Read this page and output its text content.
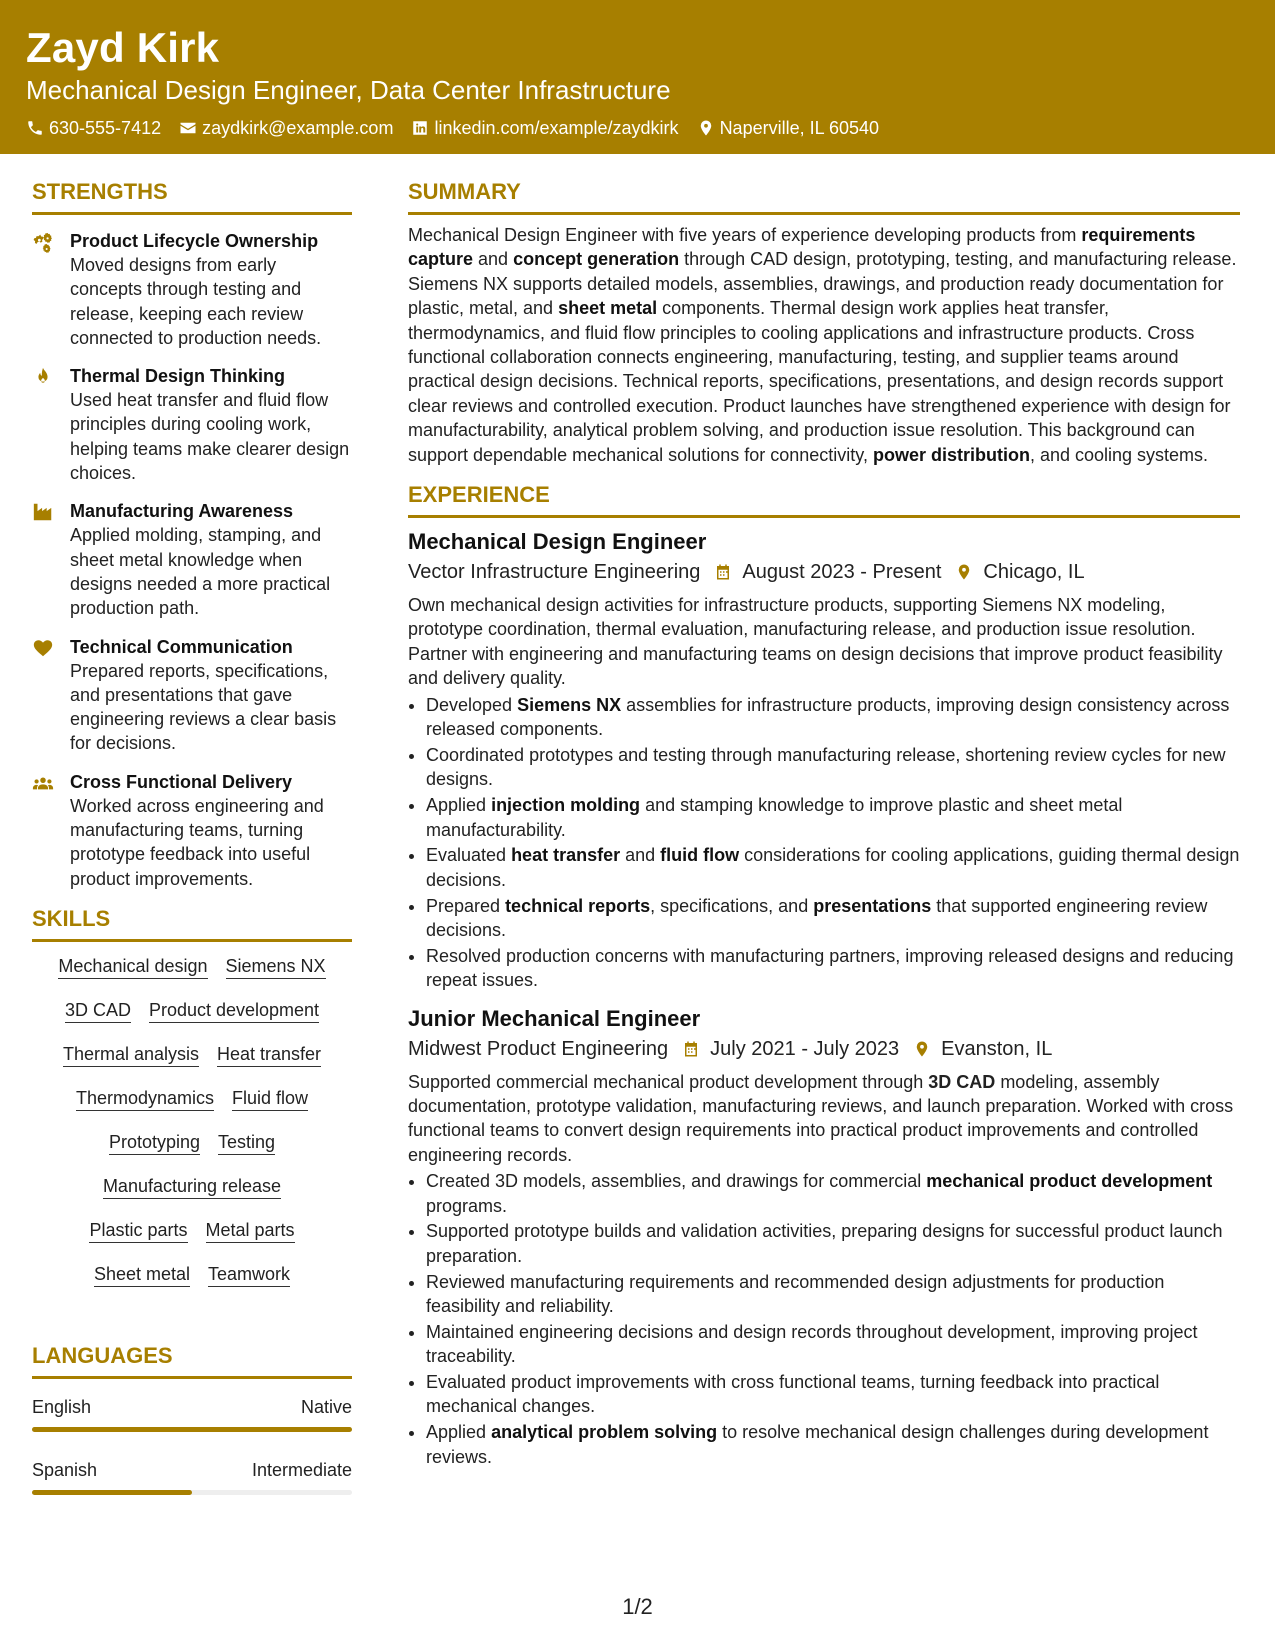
Zayd Kirk
Mechanical Design Engineer, Data Center Infrastructure
630-555-7412 zaydkirk@example.com linkedin.com/example/zaydkirk Naperville, IL 60540
STRENGTHS
Product Lifecycle Ownership
Moved designs from early concepts through testing and release, keeping each review connected to production needs.
Thermal Design Thinking
Used heat transfer and fluid flow principles during cooling work, helping teams make clearer design choices.
Manufacturing Awareness
Applied molding, stamping, and sheet metal knowledge when designs needed a more practical production path.
Technical Communication
Prepared reports, specifications, and presentations that gave engineering reviews a clear basis for decisions.
Cross Functional Delivery
Worked across engineering and manufacturing teams, turning prototype feedback into useful product improvements.
SKILLS
Mechanical design Siemens NX
3D CAD Product development
Thermal analysis Heat transfer
Thermodynamics Fluid flow
Prototyping Testing
Manufacturing release
Plastic parts Metal parts
Sheet metal Teamwork
LANGUAGES
English	Native
Spanish	Intermediate
SUMMARY

Mechanical Design Engineer with five years of experience developing products from requirements capture and concept generation through CAD design, prototyping, testing, and manufacturing release. Siemens NX supports detailed models, assemblies, drawings, and production ready documentation for plastic, metal, and sheet metal components. Thermal design work applies heat transfer, thermodynamics, and fluid flow principles to cooling applications and infrastructure products. Cross functional collaboration connects engineering, manufacturing, testing, and supplier teams around practical design decisions. Technical reports, specifications, presentations, and design records support clear reviews and controlled execution. Product launches have strengthened experience with design for manufacturability, analytical problem solving, and production issue resolution. This background can support dependable mechanical solutions for connectivity, power distribution, and cooling systems.

EXPERIENCE
Mechanical Design Engineer
Vector Infrastructure Engineering August 2023 - Present Chicago, IL

Own mechanical design activities for infrastructure products, supporting Siemens NX modeling, prototype coordination, thermal evaluation, manufacturing release, and production issue resolution. Partner with engineering and manufacturing teams on design decisions that improve product feasibility and delivery quality.

• Developed Siemens NX assemblies for infrastructure products, improving design consistency across released components.
• Coordinated prototypes and testing through manufacturing release, shortening review cycles for new designs.
• Applied injection molding and stamping knowledge to improve plastic and sheet metal manufacturability.
• Evaluated heat transfer and fluid flow considerations for cooling applications, guiding thermal design decisions.
• Prepared technical reports, specifications, and presentations that supported engineering review decisions.
• Resolved production concerns with manufacturing partners, improving released designs and reducing repeat issues.
Junior Mechanical Engineer
Midwest Product Engineering July 2021 - July 2023 Evanston, IL

Supported commercial mechanical product development through 3D CAD modeling, assembly documentation, prototype validation, manufacturing reviews, and launch preparation. Worked with cross functional teams to convert design requirements into practical product improvements and controlled engineering records.

• Created 3D models, assemblies, and drawings for commercial mechanical product development programs.
• Supported prototype builds and validation activities, preparing designs for successful product launch preparation.
• Reviewed manufacturing requirements and recommended design adjustments for production feasibility and reliability.
• Maintained engineering decisions and design records throughout development, improving project traceability.
• Evaluated product improvements with cross functional teams, turning feedback into practical mechanical changes.
• Applied analytical problem solving to resolve mechanical design challenges during development reviews.
1/2
